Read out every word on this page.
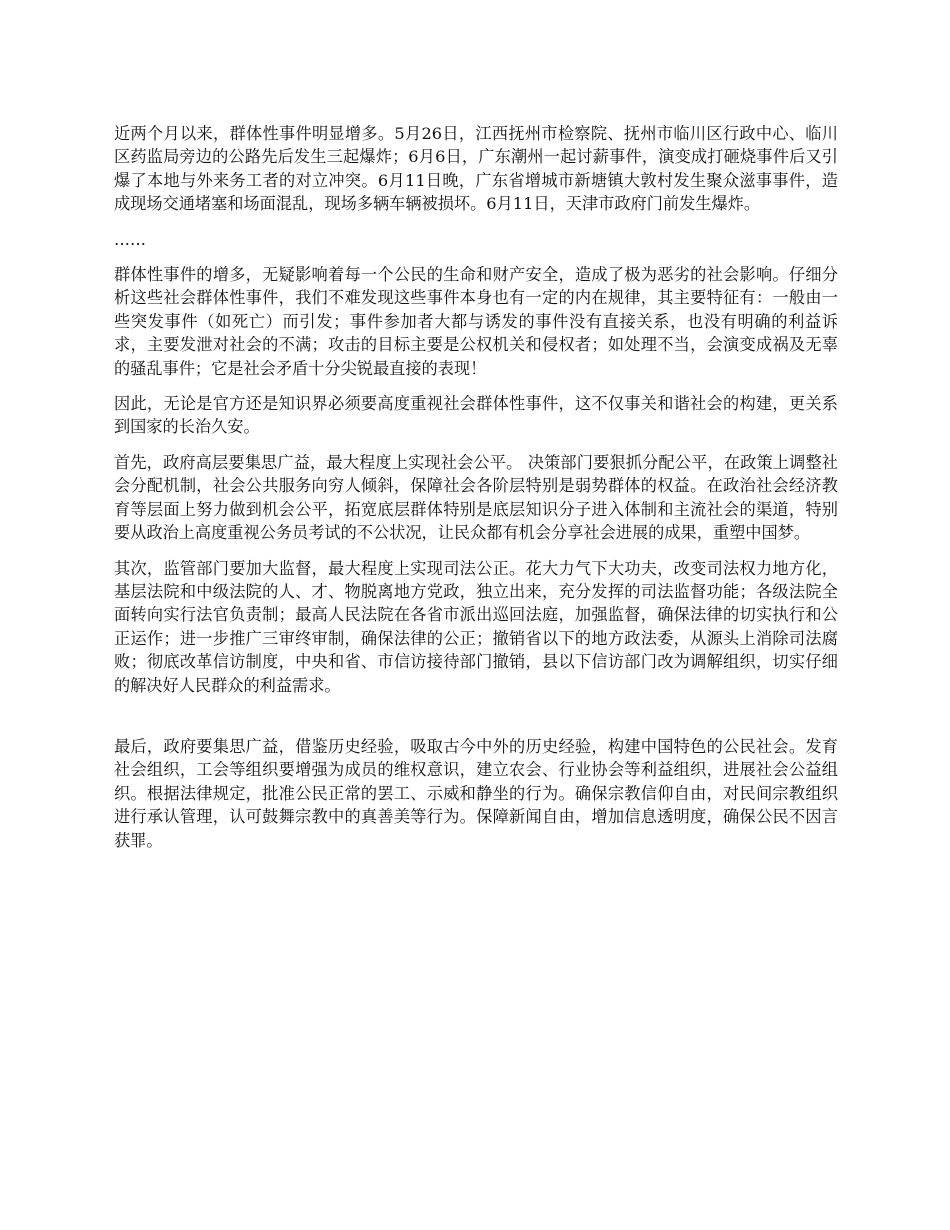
近两个月以来，群体性事件明显增多。5月26日，江西抚州市检察院、抚州市临川区行政中心、临川区药监局旁边的公路先后发生三起爆炸；6月6日，广东潮州一起讨薪事件，演变成打砸烧事件后又引爆了本地与外来务工者的对立冲突。6月11日晚，广东省增城市新塘镇大敦村发生聚众滋事事件，造成现场交通堵塞和场面混乱，现场多辆车辆被损坏。6月11日，天津市政府门前发生爆炸。

……

群体性事件的增多，无疑影响着每一个公民的生命和财产安全，造成了极为恶劣的社会影响。仔细分析这些社会群体性事件，我们不难发现这些事件本身也有一定的内在规律，其主要特征有：一般由一些突发事件（如死亡）而引发；事件参加者大都与诱发的事件没有直接关系，也没有明确的利益诉求，主要发泄对社会的不满；攻击的目标主要是公权机关和侵权者；如处理不当，会演变成祸及无辜的骚乱事件；它是社会矛盾十分尖锐最直接的表现！

因此，无论是官方还是知识界必须要高度重视社会群体性事件，这不仅事关和谐社会的构建，更关系到国家的长治久安。

首先，政府高层要集思广益，最大程度上实现社会公平。 决策部门要狠抓分配公平，在政策上调整社会分配机制，社会公共服务向穷人倾斜，保障社会各阶层特别是弱势群体的权益。在政治社会经济教育等层面上努力做到机会公平，拓宽底层群体特别是底层知识分子进入体制和主流社会的渠道，特别要从政治上高度重视公务员考试的不公状况，让民众都有机会分享社会进展的成果，重塑中国梦。

其次，监管部门要加大监督，最大程度上实现司法公正。花大力气下大功夫，改变司法权力地方化，基层法院和中级法院的人、才、物脱离地方党政，独立出来，充分发挥的司法监督功能；各级法院全面转向实行法官负责制；最高人民法院在各省市派出巡回法庭，加强监督，确保法律的切实执行和公正运作；进一步推广三审终审制，确保法律的公正；撤销省以下的地方政法委，从源头上消除司法腐败；彻底改革信访制度，中央和省、市信访接待部门撤销，县以下信访部门改为调解组织，切实仔细的解决好人民群众的利益需求。

最后，政府要集思广益，借鉴历史经验，吸取古今中外的历史经验，构建中国特色的公民社会。发育社会组织，工会等组织要增强为成员的维权意识，建立农会、行业协会等利益组织，进展社会公益组织。根据法律规定，批准公民正常的罢工、示威和静坐的行为。确保宗教信仰自由，对民间宗教组织进行承认管理，认可鼓舞宗教中的真善美等行为。保障新闻自由，增加信息透明度，确保公民不因言获罪。
